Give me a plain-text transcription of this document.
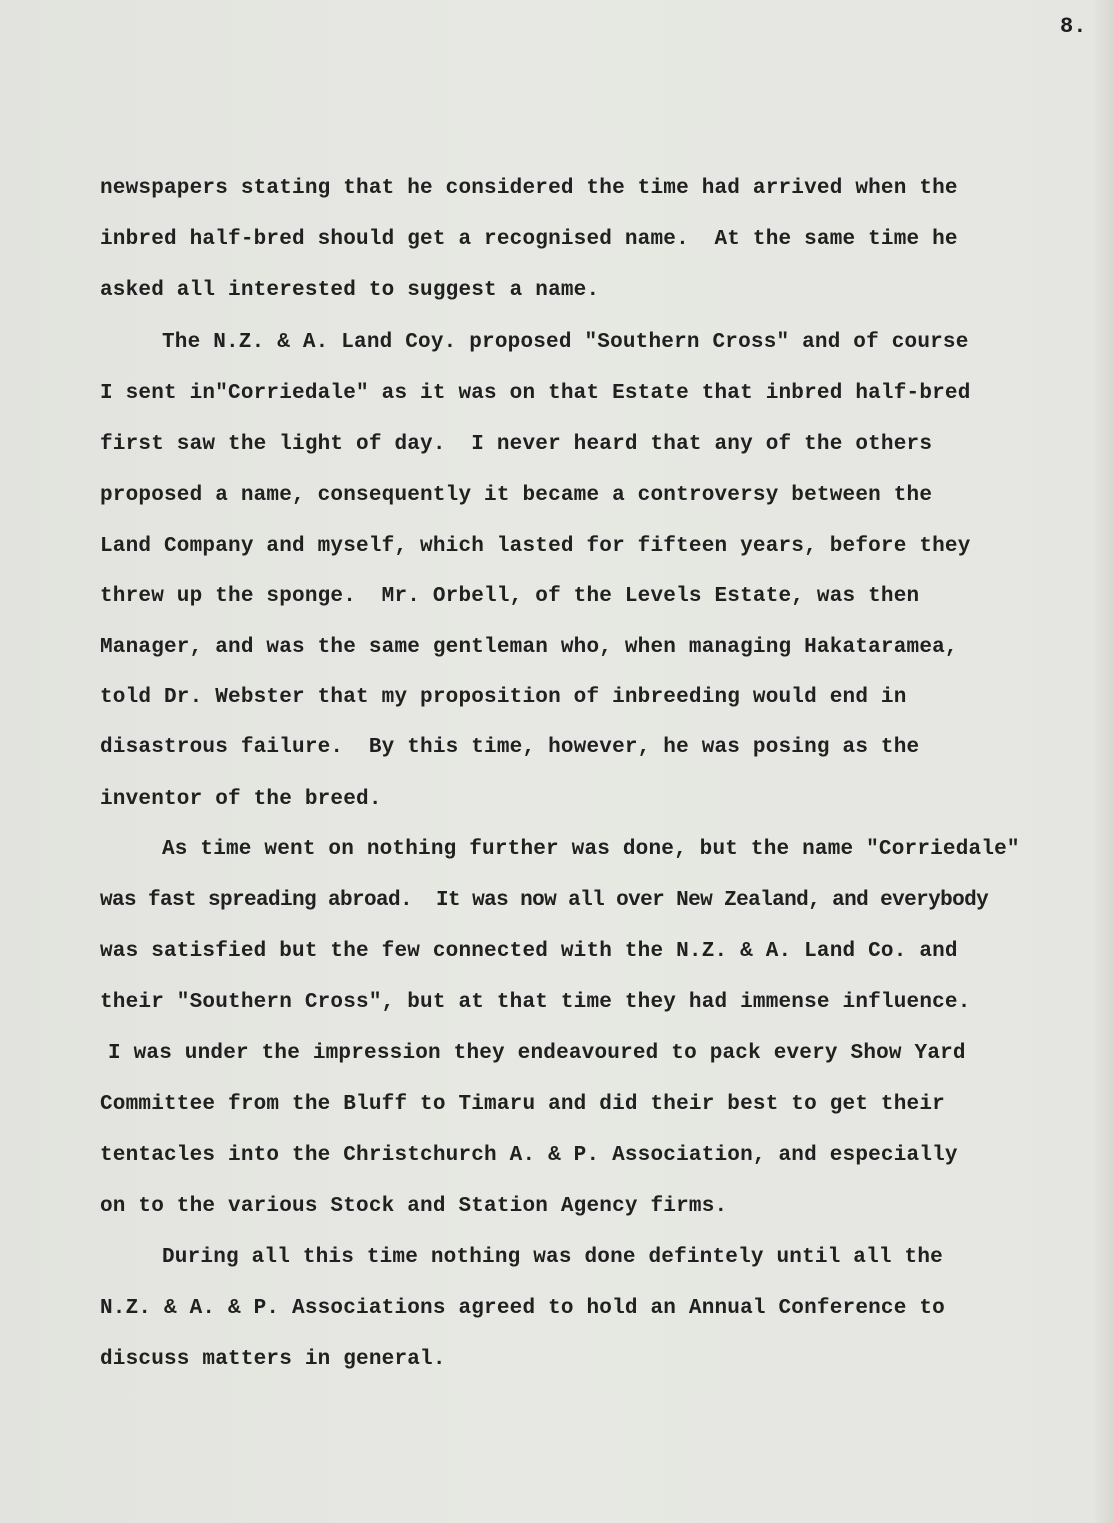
8.
newspapers stating that he considered the time had arrived when the
inbred half-bred should get a recognised name.  At the same time he
asked all interested to suggest a name.
The N.Z. & A. Land Coy. proposed "Southern Cross" and of course
I sent in"Corriedale" as it was on that Estate that inbred half-bred
first saw the light of day.  I never heard that any of the others
proposed a name, consequently it became a controversy between the
Land Company and myself, which lasted for fifteen years, before they
threw up the sponge.  Mr. Orbell, of the Levels Estate, was then
Manager, and was the same gentleman who, when managing Hakataramea,
told Dr. Webster that my proposition of inbreeding would end in
disastrous failure.  By this time, however, he was posing as the
inventor of the breed.
As time went on nothing further was done, but the name "Corriedale"
was fast spreading abroad.  It was now all over New Zealand, and everybody
was satisfied but the few connected with the N.Z. & A. Land Co. and
their "Southern Cross", but at that time they had immense influence.
I was under the impression they endeavoured to pack every Show Yard
Committee from the Bluff to Timaru and did their best to get their
tentacles into the Christchurch A. & P. Association, and especially
on to the various Stock and Station Agency firms.
During all this time nothing was done defintely until all the
N.Z. & A. & P. Associations agreed to hold an Annual Conference to
discuss matters in general.
